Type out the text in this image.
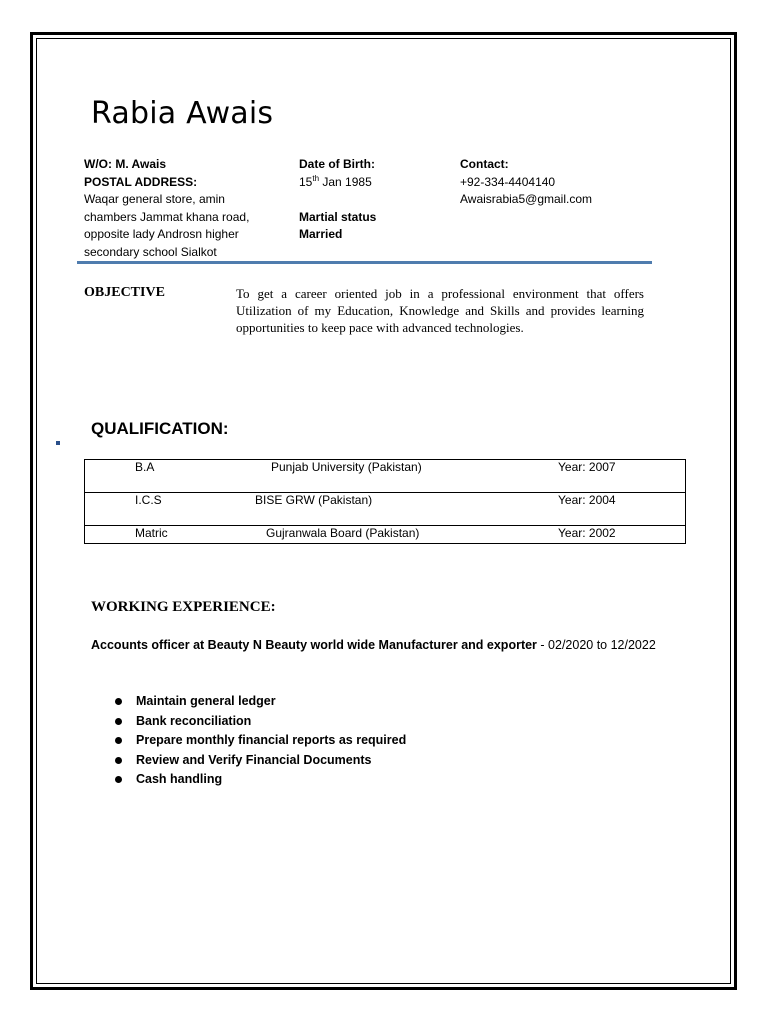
Rabia Awais
W/O: M. Awais
POSTAL ADDRESS:
Waqar general store, amin
chambers Jammat khana road,
opposite lady Androsn higher
secondary school Sialkot
Date of Birth:
15th Jan 1985
Martial status
Married
Contact:
+92-334-4404140
Awaisrabia5@gmail.com
OBJECTIVE	To get a career oriented job in a professional environment that offers Utilization of my Education, Knowledge and Skills and provides learning opportunities to keep pace with advanced technologies.
QUALIFICATION:
	B.A	Punjab University (Pakistan)	Year: 2007
	I.C.S	BISE GRW (Pakistan)	Year: 2004
	Matric	Gujranwala Board (Pakistan)	Year: 2002
WORKING EXPERIENCE:
Accounts officer at Beauty N Beauty world wide Manufacturer and exporter - 02/2020 to 12/2022
Maintain general ledger
Bank reconciliation
Prepare monthly financial reports as required
Review and Verify Financial Documents
Cash handling
